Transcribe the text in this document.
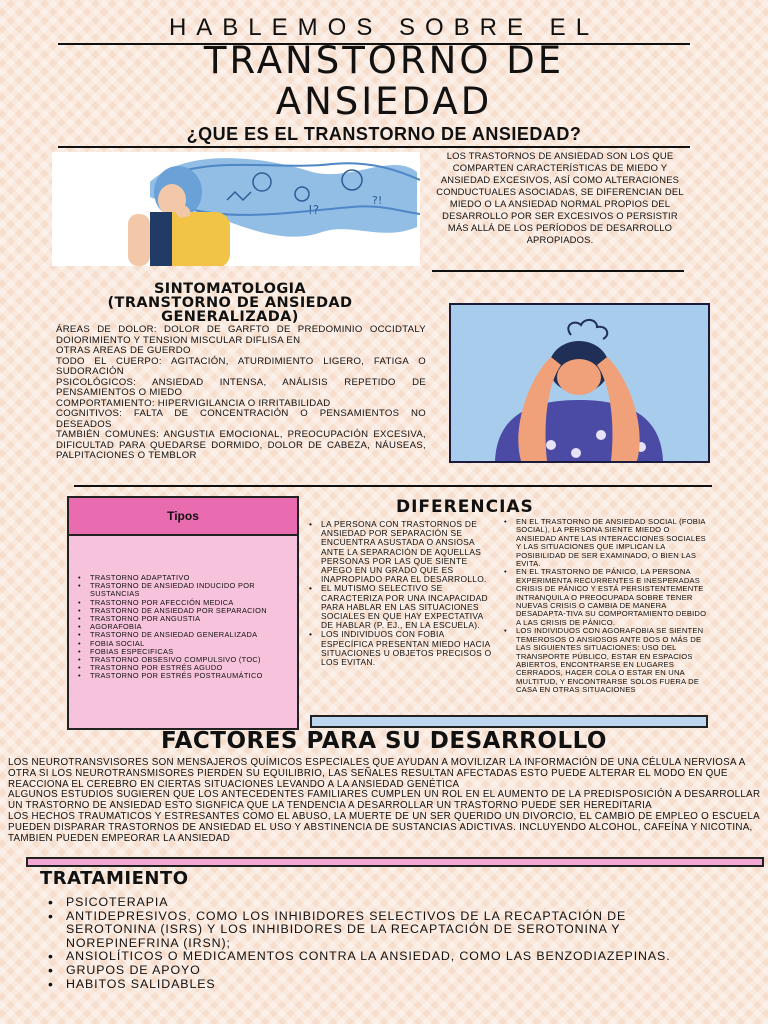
HABLEMOS SOBRE EL
TRANSTORNO DE
ANSIEDAD
¿QUE ES EL TRANSTORNO DE ANSIEDAD?
!?
?!
LOS TRASTORNOS DE ANSIEDAD SON LOS QUE COMPARTEN CARACTERÍSTICAS DE MIEDO Y ANSIEDAD EXCESIVOS, ASÍ COMO ALTERACIONES CONDUCTUALES ASOCIADAS, SE DIFERENCIAN DEL MIEDO O LA ANSIEDAD NORMAL PROPIOS DEL DESARROLLO POR SER EXCESIVOS O PERSISTIR MÁS ALLÁ DE LOS PERÍODOS DE DESARROLLO APROPIADOS.
SINTOMATOLOGIA
(TRANSTORNO DE ANSIEDAD
GENERALIZADA)
ÁREAS DE DOLOR: DOLOR DE GARFTO DE PREDOMINIO OCCIDTALY DOIORIMIENTO Y TENSION MISCULAR DIFLISA EN
OTRAS AREAS DE GUERDO
TODO EL CUERPO: AGITACIÓN, ATURDIMIENTO LIGERO, FATIGA O SUDORACIÓN
PSICOLÓGICOS: ANSIEDAD INTENSA, ANÁLISIS REPETIDO DE PENSAMIENTOS O MIEDO
COMPORTAMIENTO: HIPERVIGILANCIA O IRRITABILIDAD
COGNITIVOS: FALTA DE CONCENTRACIÓN O PENSAMIENTOS NO DESEADOS
TAMBIÉN COMUNES: ANGUSTIA EMOCIONAL, PREOCUPACIÓN EXCESIVA, DIFICULTAD PARA QUEDARSE DORMIDO, DOLOR DE CABEZA, NÁUSEAS, PALPITACIONES O TEMBLOR
Tipos
• TRASTORNO ADAPTATIVO
• TRASTORNO DE ANSIEDAD INDUCIDO POR SUSTANCIAS
• TRASTORNO POR AFECCIÓN MEDICA
• TRASTORNO DE ANSIEDAD POR SEPARACION
• TRASTORNO POR ANGUSTIA
• AGORAFOBIA
• TRASTORNO DE ANSIEDAD GENERALIZADA
• FOBIA SOCIAL
• FOBIAS ESPECIFICAS
• TRASTORNO OBSESIVO COMPULSIVO (TOC)
• TRASTORNO POR ESTRÉS AGUDO
• TRASTORNO POR ESTRÉS POSTRAUMÁTICO
DIFERENCIAS
• LA PERSONA CON TRASTORNOS DE ANSIEDAD POR SEPARACIÓN SE ENCUENTRA ASUSTADA O ANSIOSA ANTE LA SEPARACIÓN DE AQUELLAS PERSONAS POR LAS QUE SIENTE APEGO EN UN GRADO QUE ES INAPROPIADO PARA EL DESARROLLO.
• EL MUTISMO SELECTIVO SE CARACTERIZA POR UNA INCAPACIDAD PARA HABLAR EN LAS SITUACIONES SOCIALES EN QUE HAY EXPECTATIVA DE HABLAR (P. EJ., EN LA ESCUELA).
• LOS INDIVIDUOS CON FOBIA ESPECÍFICA PRESENTAN MIEDO HACIA SITUACIONES U OBJETOS PRECISOS O LOS EVITAN.
• EN EL TRASTORNO DE ANSIEDAD SOCIAL (FOBIA SOCIAL), LA PERSONA SIENTE MIEDO O ANSIEDAD ANTE LAS INTERACCIONES SOCIALES Y LAS SITUACIONES QUE IMPLICAN LA POSIBILIDAD DE SER EXAMINADO, O BIEN LAS EVITA.
• EN EL TRASTORNO DE PÁNICO, LA PERSONA EXPERIMENTA RECURRENTES E INESPERADAS CRISIS DE PÁNICO Y ESTÁ PERSISTENTEMENTE INTRANQUILA O PREOCUPADA SOBRE TENER NUEVAS CRISIS O CAMBIA DE MANERA DESADAPTA-TIVA SU COMPORTAMIENTO DEBIDO A LAS CRISIS DE PÁNICO.
• LOS INDIVIDUOS CON AGORAFOBIA SE SIENTEN TEMEROSOS O ANSIOSOS ANTE DOS O MÁS DE LAS SIGUIENTES SITUACIONES: USO DEL TRANSPORTE PÚBLICO, ESTAR EN ESPACIOS ABIERTOS, ENCONTRARSE EN LUGARES CERRADOS, HACER COLA O ESTAR EN UNA MULTITUD, Y ENCONTRARSE SOLOS FUERA DE CASA EN OTRAS SITUACIONES
FACTORES PARA SU DESARROLLO
LOS NEUROTRANSVISORES SON MENSAJEROS QUÍMICOS ESPECIALES QUE AYUDAN A MOVILIZAR LA INFORMACIÓN DE UNA CÉLULA NERVIOSA A OTRA SI LOS NEUROTRANSMISORES PIERDEN SU EQUILIBRIO, LAS SEÑALES RESULTAN AFECTADAS ESTO PUEDE ALTERAR EL MODO EN QUE REACCIONA EL CEREBRO EN CIERTAS SITUACIONES LEVANDO A LA ANSIEDAD GENÉTICA
ALGUNOS ESTUDIOS SUGIEREN QUE LOS ANTECEDENTES FAMILIARES CUMPLEN UN ROL EN EL AUMENTO DE LA PREDISPOSICIÓN A DESARROLLAR UN TRASTORNO DE ANSIEDAD ESTO SIGNFICA QUE LA TENDENCIA A DESARROLLAR UN TRASTORNO PUEDE SER HEREDITARIA
LOS HECHOS TRAUMATICOS Y ESTRESANTES COMO EL ABUSO, LA MUERTE DE UN SER QUERIDO UN DIVORCIO, EL CAMBIO DE EMPLEO O ESCUELA PUEDEN DISPARAR TRASTORNOS DE ANSIEDAD EL USO Y ABSTINENCIA DE SUSTANCIAS ADICTIVAS. INCLUYENDO ALCOHOL, CAFEÍNA Y NICOTINA, TAMBIEN PUEDEN EMPEORAR LA ANSIEDAD
TRATAMIENTO
• PSICOTERAPIA
• ANTIDEPRESIVOS, COMO LOS INHIBIDORES SELECTIVOS DE LA RECAPTACIÓN DE SEROTONINA (ISRS) Y LOS INHIBIDORES DE LA RECAPTACIÓN DE SEROTONINA Y NOREPINEFRINA (IRSN);
• ANSIOLÍTICOS O MEDICAMENTOS CONTRA LA ANSIEDAD, COMO LAS BENZODIAZEPINAS.
• GRUPOS DE APOYO
• HABITOS SALIDABLES
